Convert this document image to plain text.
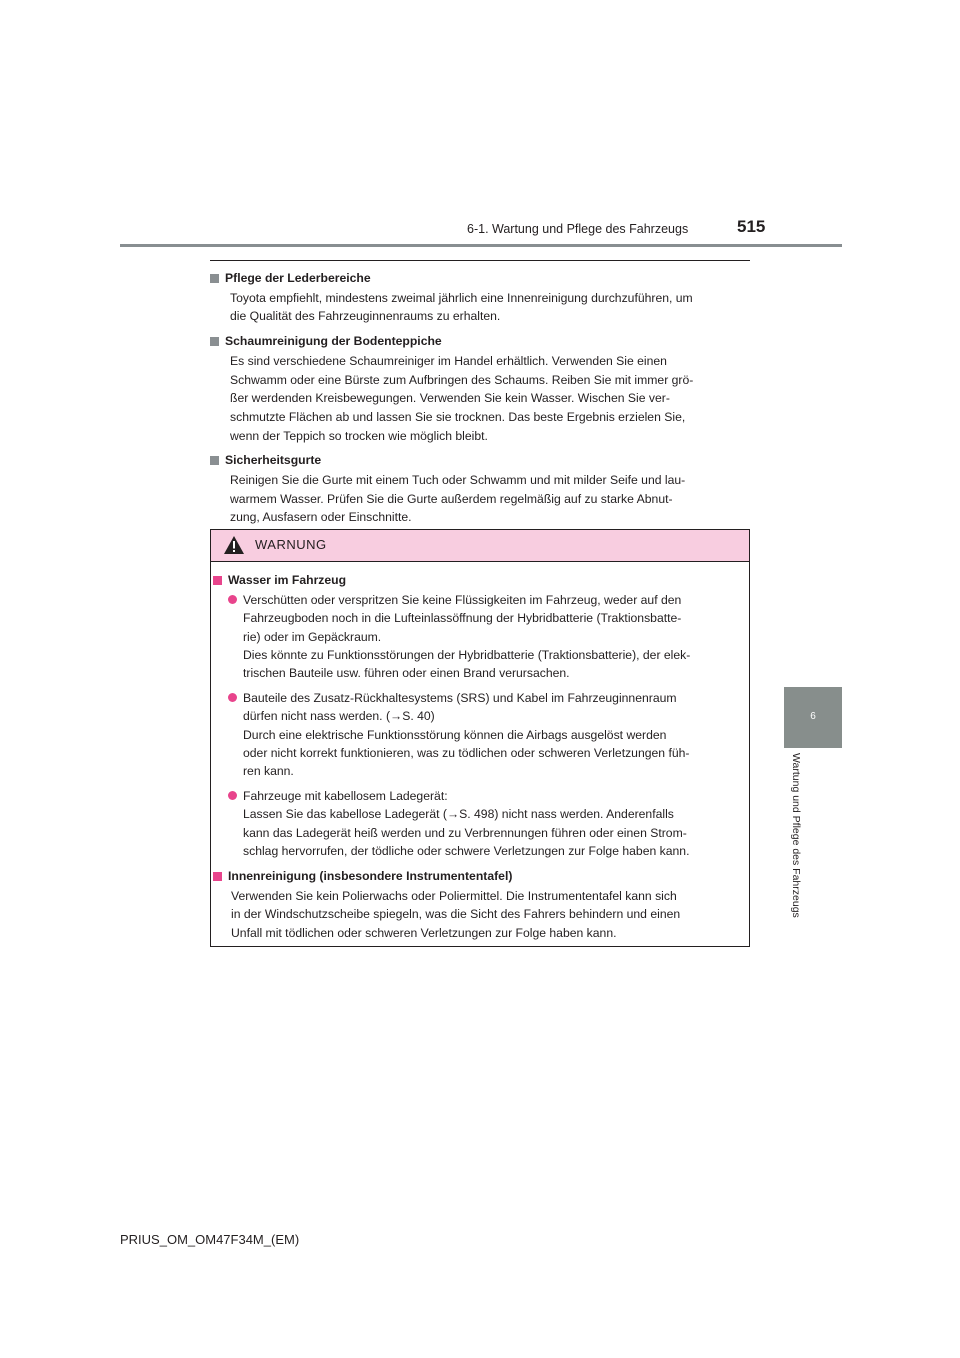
6-1. Wartung und Pflege des Fahrzeugs	515
Pflege der Lederbereiche
Toyota empfiehlt, mindestens zweimal jährlich eine Innenreinigung durchzuführen, um
die Qualität des Fahrzeuginnenraums zu erhalten.
Schaumreinigung der Bodenteppiche
Es sind verschiedene Schaumreiniger im Handel erhältlich. Verwenden Sie einen
Schwamm oder eine Bürste zum Aufbringen des Schaums. Reiben Sie mit immer grö-
ßer werdenden Kreisbewegungen. Verwenden Sie kein Wasser. Wischen Sie ver-
schmutzte Flächen ab und lassen Sie sie trocknen. Das beste Ergebnis erzielen Sie,
wenn der Teppich so trocken wie möglich bleibt.
Sicherheitsgurte
Reinigen Sie die Gurte mit einem Tuch oder Schwamm und mit milder Seife und lau-
warmem Wasser. Prüfen Sie die Gurte außerdem regelmäßig auf zu starke Abnut-
zung, Ausfasern oder Einschnitte.
WARNUNG
Wasser im Fahrzeug
Verschütten oder verspritzen Sie keine Flüssigkeiten im Fahrzeug, weder auf den
Fahrzeugboden noch in die Lufteinlassöffnung der Hybridbatterie (Traktionsbatte-
rie) oder im Gepäckraum.
Dies könnte zu Funktionsstörungen der Hybridbatterie (Traktionsbatterie), der elek-
trischen Bauteile usw. führen oder einen Brand verursachen.
Bauteile des Zusatz-Rückhaltesystems (SRS) und Kabel im Fahrzeuginnenraum
dürfen nicht nass werden. (→S. 40)
Durch eine elektrische Funktionsstörung können die Airbags ausgelöst werden
oder nicht korrekt funktionieren, was zu tödlichen oder schweren Verletzungen füh-
ren kann.
Fahrzeuge mit kabellosem Ladegerät:
Lassen Sie das kabellose Ladegerät (→S. 498) nicht nass werden. Anderenfalls
kann das Ladegerät heiß werden und zu Verbrennungen führen oder einen Strom-
schlag hervorrufen, der tödliche oder schwere Verletzungen zur Folge haben kann.
Innenreinigung (insbesondere Instrumententafel)
Verwenden Sie kein Polierwachs oder Poliermittel. Die Instrumententafel kann sich
in der Windschutzscheibe spiegeln, was die Sicht des Fahrers behindern und einen
Unfall mit tödlichen oder schweren Verletzungen zur Folge haben kann.
6
Wartung und Pflege des Fahrzeugs
PRIUS_OM_OM47F34M_(EM)
